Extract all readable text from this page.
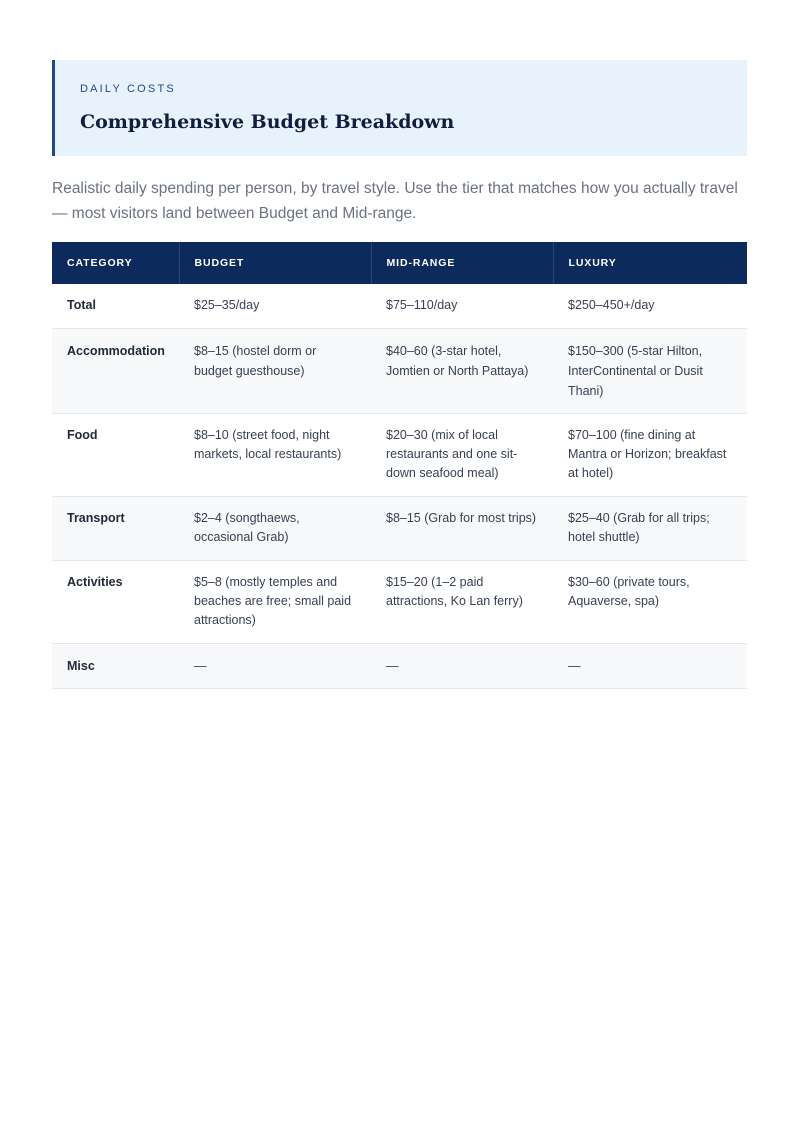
DAILY COSTS
Comprehensive Budget Breakdown

Realistic daily spending per person, by travel style. Use the tier that matches how you actually travel — most visitors land between Budget and Mid-range.

CATEGORY	BUDGET	MID-RANGE	LUXURY
Total	$25–35/day	$75–110/day	$250–450+/day
Accommodation	$8–15 (hostel dorm or budget guesthouse)	$40–60 (3-star hotel, Jomtien or North Pattaya)	$150–300 (5-star Hilton, InterContinental or Dusit Thani)
Food	$8–10 (street food, night markets, local restaurants)	$20–30 (mix of local restaurants and one sit-down seafood meal)	$70–100 (fine dining at Mantra or Horizon; breakfast at hotel)
Transport	$2–4 (songthaews, occasional Grab)	$8–15 (Grab for most trips)	$25–40 (Grab for all trips; hotel shuttle)
Activities	$5–8 (mostly temples and beaches are free; small paid attractions)	$15–20 (1–2 paid attractions, Ko Lan ferry)	$30–60 (private tours, Aquaverse, spa)
Misc	—	—	—
